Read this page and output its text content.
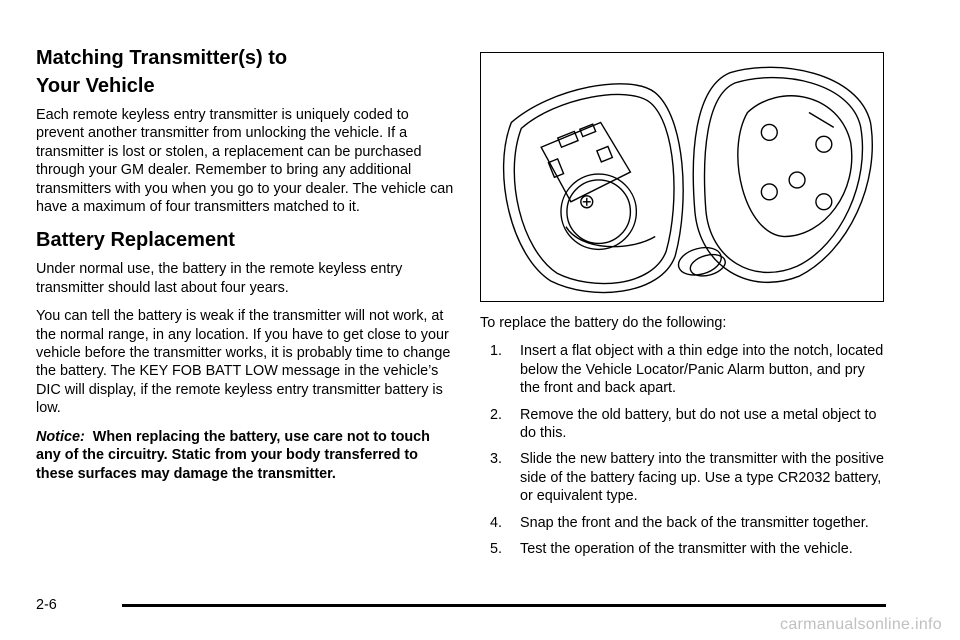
Matching Transmitter(s) to
Your Vehicle

Each remote keyless entry transmitter is uniquely coded to prevent another transmitter from unlocking the vehicle. If a transmitter is lost or stolen, a replacement can be purchased through your GM dealer. Remember to bring any additional transmitters with you when you go to your dealer. The vehicle can have a maximum of four transmitters matched to it.

Battery Replacement

Under normal use, the battery in the remote keyless entry transmitter should last about four years.

You can tell the battery is weak if the transmitter will not work, at the normal range, in any location. If you have to get close to your vehicle before the transmitter works, it is probably time to change the battery. The KEY FOB BATT LOW message in the vehicle’s DIC will display, if the remote keyless entry transmitter battery is low.

Notice: When replacing the battery, use care not to touch any of the circuitry. Static from your body transferred to these surfaces may damage the transmitter.

To replace the battery do the following:

1. Insert a flat object with a thin edge into the notch, located below the Vehicle Locator/Panic Alarm button, and pry the front and back apart.
2. Remove the old battery, but do not use a metal object to do this.
3. Slide the new battery into the transmitter with the positive side of the battery facing up. Use a type CR2032 battery, or equivalent type.
4. Snap the front and the back of the transmitter together.
5. Test the operation of the transmitter with the vehicle.
2-6
carmanualsonline.info
